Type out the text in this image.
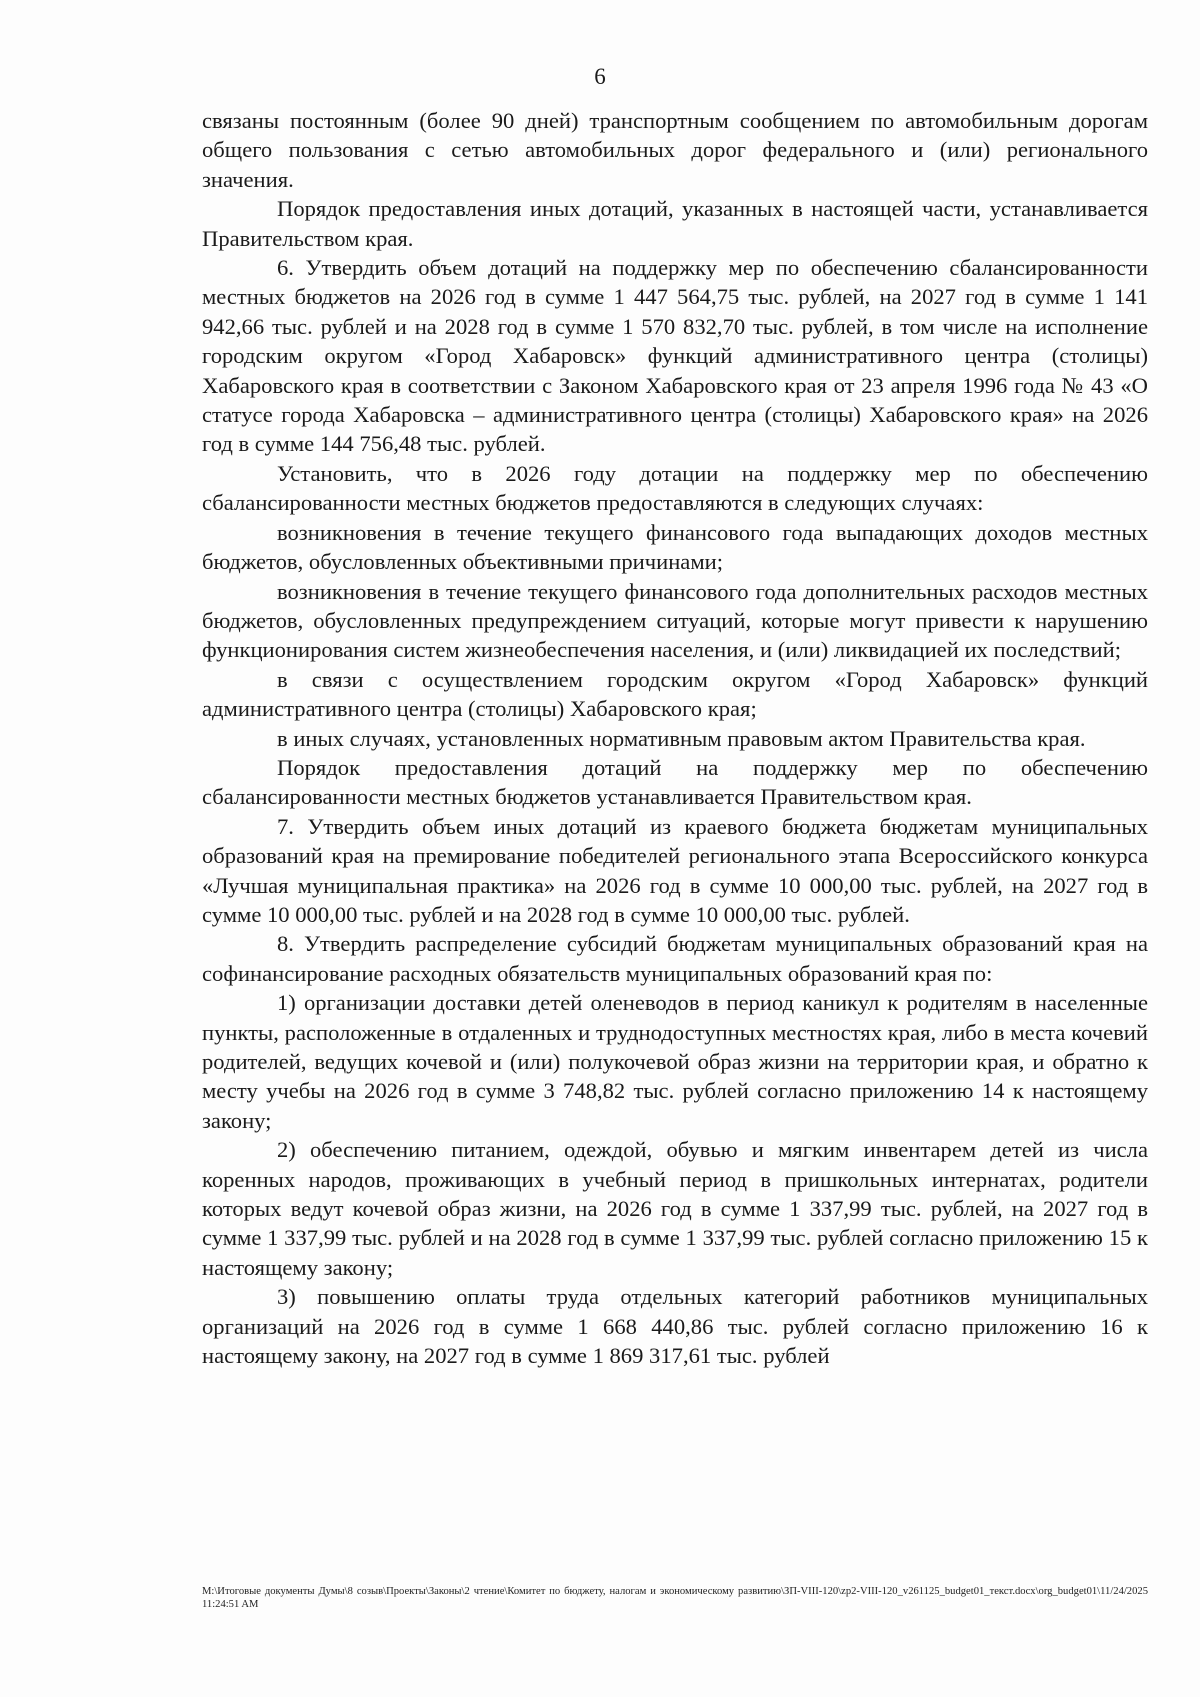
6

связаны постоянным (более 90 дней) транспортным сообщением по автомобильным дорогам общего пользования с сетью автомобильных дорог федерального и (или) регионального значения.

Порядок предоставления иных дотаций, указанных в настоящей части, устанавливается Правительством края.

6. Утвердить объем дотаций на поддержку мер по обеспечению сбалансированности местных бюджетов на 2026 год в сумме 1 447 564,75 тыс. рублей, на 2027 год в сумме 1 141 942,66 тыс. рублей и на 2028 год в сумме 1 570 832,70 тыс. рублей, в том числе на исполнение городским округом «Город Хабаровск» функций административного центра (столицы) Хабаровского края в соответствии с Законом Хабаровского края от 23 апреля 1996 года № 43 «О статусе города Хабаровска – административного центра (столицы) Хабаровского края» на 2026 год в сумме 144 756,48 тыс. рублей.

Установить, что в 2026 году дотации на поддержку мер по обеспечению сбалансированности местных бюджетов предоставляются в следующих случаях:

возникновения в течение текущего финансового года выпадающих доходов местных бюджетов, обусловленных объективными причинами;

возникновения в течение текущего финансового года дополнительных расходов местных бюджетов, обусловленных предупреждением ситуаций, которые могут привести к нарушению функционирования систем жизнеобеспечения населения, и (или) ликвидацией их последствий;

в связи с осуществлением городским округом «Город Хабаровск» функций административного центра (столицы) Хабаровского края;

в иных случаях, установленных нормативным правовым актом Правительства края.

Порядок предоставления дотаций на поддержку мер по обеспечению сбалансированности местных бюджетов устанавливается Правительством края.

7. Утвердить объем иных дотаций из краевого бюджета бюджетам муниципальных образований края на премирование победителей регионального этапа Всероссийского конкурса «Лучшая муниципальная практика» на 2026 год в сумме 10 000,00 тыс. рублей, на 2027 год в сумме 10 000,00 тыс. рублей и на 2028 год в сумме 10 000,00 тыс. рублей.

8. Утвердить распределение субсидий бюджетам муниципальных образований края на софинансирование расходных обязательств муниципальных образований края по:

1) организации доставки детей оленеводов в период каникул к родителям в населенные пункты, расположенные в отдаленных и труднодоступных местностях края, либо в места кочевий родителей, ведущих кочевой и (или) полукочевой образ жизни на территории края, и обратно к месту учебы на 2026 год в сумме 3 748,82 тыс. рублей согласно приложению 14 к настоящему закону;

2) обеспечению питанием, одеждой, обувью и мягким инвентарем детей из числа коренных народов, проживающих в учебный период в пришкольных интернатах, родители которых ведут кочевой образ жизни, на 2026 год в сумме 1 337,99 тыс. рублей, на 2027 год в сумме 1 337,99 тыс. рублей и на 2028 год в сумме 1 337,99 тыс. рублей согласно приложению 15 к настоящему закону;

3) повышению оплаты труда отдельных категорий работников муниципальных организаций на 2026 год в сумме 1 668 440,86 тыс. рублей согласно приложению 16 к настоящему закону, на 2027 год в сумме 1 869 317,61 тыс. рублей

M:\Итоговые документы Думы\8 созыв\Проекты\Законы\2 чтение\Комитет по бюджету, налогам и экономическому развитию\ЗП-VIII-120\zp2-VIII-120_v261125_budget01_текст.docx\org_budget01\11/24/2025 11:24:51 AM
